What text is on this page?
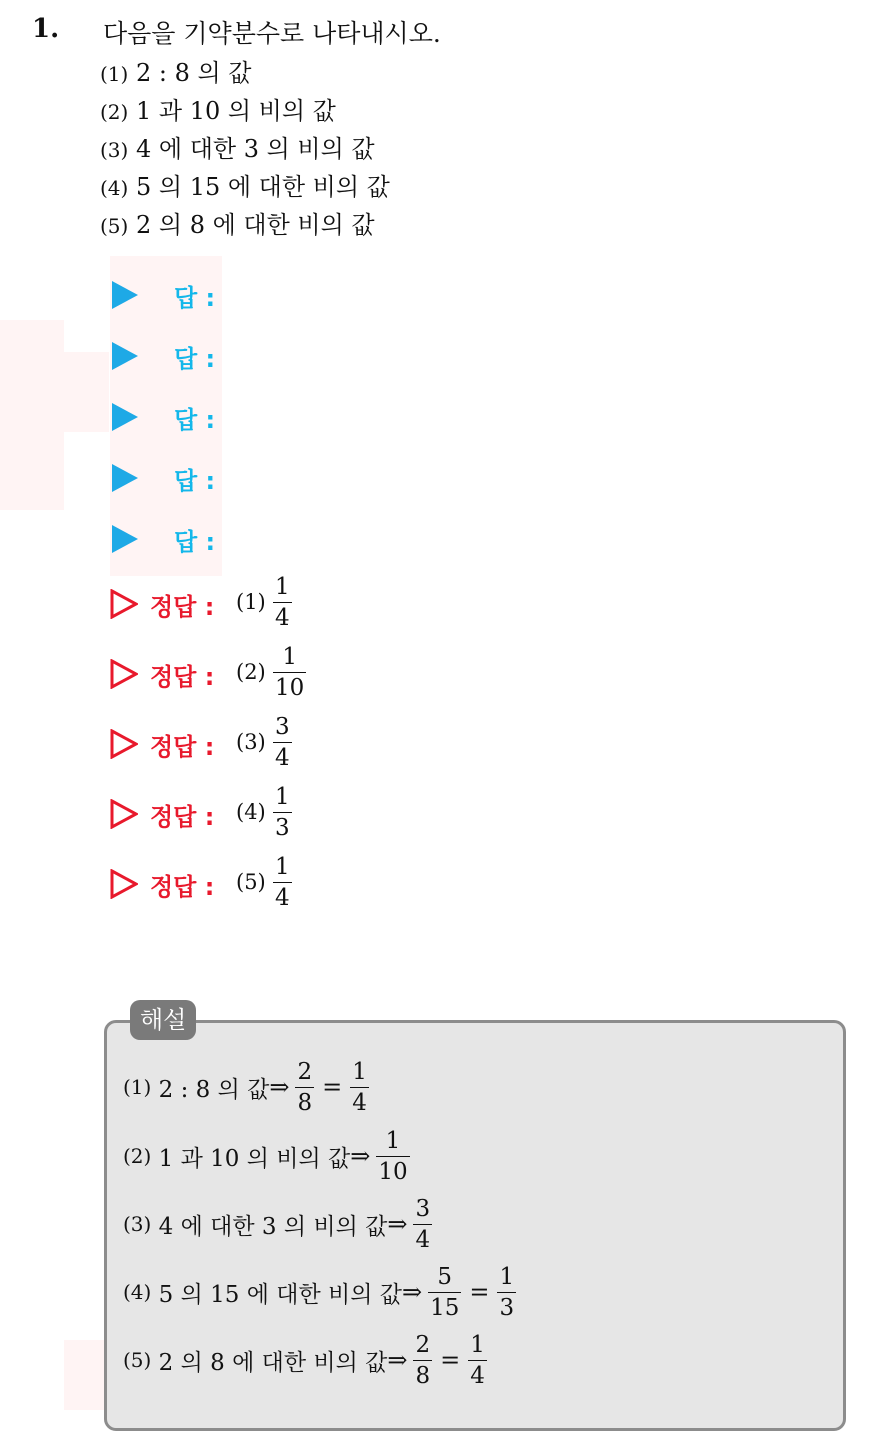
1. 다음을 기약분수로 나타내시오.
(1) 2 : 8 의 값
(2) 1 과 10 의 비의 값
(3) 4 에 대한 3 의 비의 값
(4) 5 의 15 에 대한 비의 값
(5) 2 의 8 에 대한 비의 값
답 :
답 :
답 :
답 :
답 :
정답 : (1)
1
4
정답 : (2)
1
10
정답 : (3)
3
4
정답 : (4)
1
3
정답 : (5)
1
4
해설
(1)
2 : 8 의 값 ⇒ $\frac{2}{8} = \frac{1}{4}$
(2)
1 과 10 의 비의 값 ⇒ $\frac{1}{10}$
(3)
4 에 대한 3 의 비의 값 ⇒ $\frac{3}{4}$
(4)
5 의 15 에 대한 비의 값 ⇒ $\frac{5}{15} = \frac{1}{3}$
(5)
2 의 8 에 대한 비의 값 ⇒ $\frac{2}{8} = \frac{1}{4}$
